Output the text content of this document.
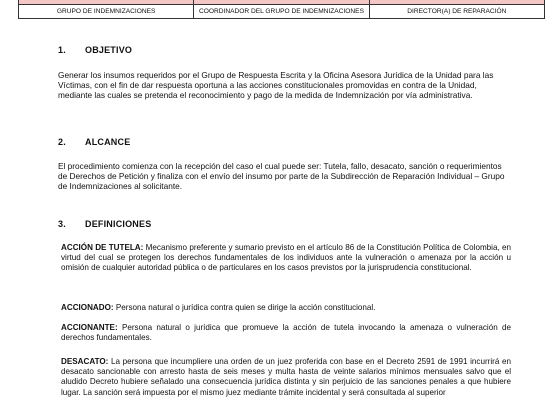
GRUPO DE INDEMNIZACIONES	COORDINADOR DEL GRUPO DE INDEMNIZACIONES	DIRECTOR(A) DE REPARACIÓN
1. OBJETIVO

Generar los insumos requeridos por el Grupo de Respuesta Escrita y la Oficina Asesora Jurídica de la Unidad para las Víctimas, con el fin de dar respuesta oportuna a las acciones constitucionales promovidas en contra de la Unidad, mediante las cuales se pretenda el reconocimiento y pago de la medida de Indemnización por vía administrativa.

2. ALCANCE

El procedimiento comienza con la recepción del caso el cual puede ser: Tutela, fallo, desacato, sanción o requerimientos de Derechos de Petición y finaliza con el envío del insumo por parte de la Subdirección de Reparación Individual – Grupo de Indemnizaciones al solicitante.

3. DEFINICIONES

ACCIÓN DE TUTELA: Mecanismo preferente y sumario previsto en el artículo 86 de la Constitución Política de Colombia, en virtud del cual se protegen los derechos fundamentales de los individuos ante la vulneración o amenaza por la acción u omisión de cualquier autoridad pública o de particulares en los casos previstos por la jurisprudencia constitucional.

ACCIONADO: Persona natural o jurídica contra quien se dirige la acción constitucional.

ACCIONANTE: Persona natural o jurídica que promueve la acción de tutela invocando la amenaza o vulneración de derechos fundamentales.

DESACATO: La persona que incumpliere una orden de un juez proferida con base en el Decreto 2591 de 1991 incurrirá en desacato sancionable con arresto hasta de seis meses y multa hasta de veinte salarios mínimos mensuales salvo que el aludido Decreto hubiere señalado una consecuencia jurídica distinta y sin perjuicio de las sanciones penales a que hubiere lugar. La sanción será impuesta por el mismo juez mediante trámite incidental y será consultada al superior
